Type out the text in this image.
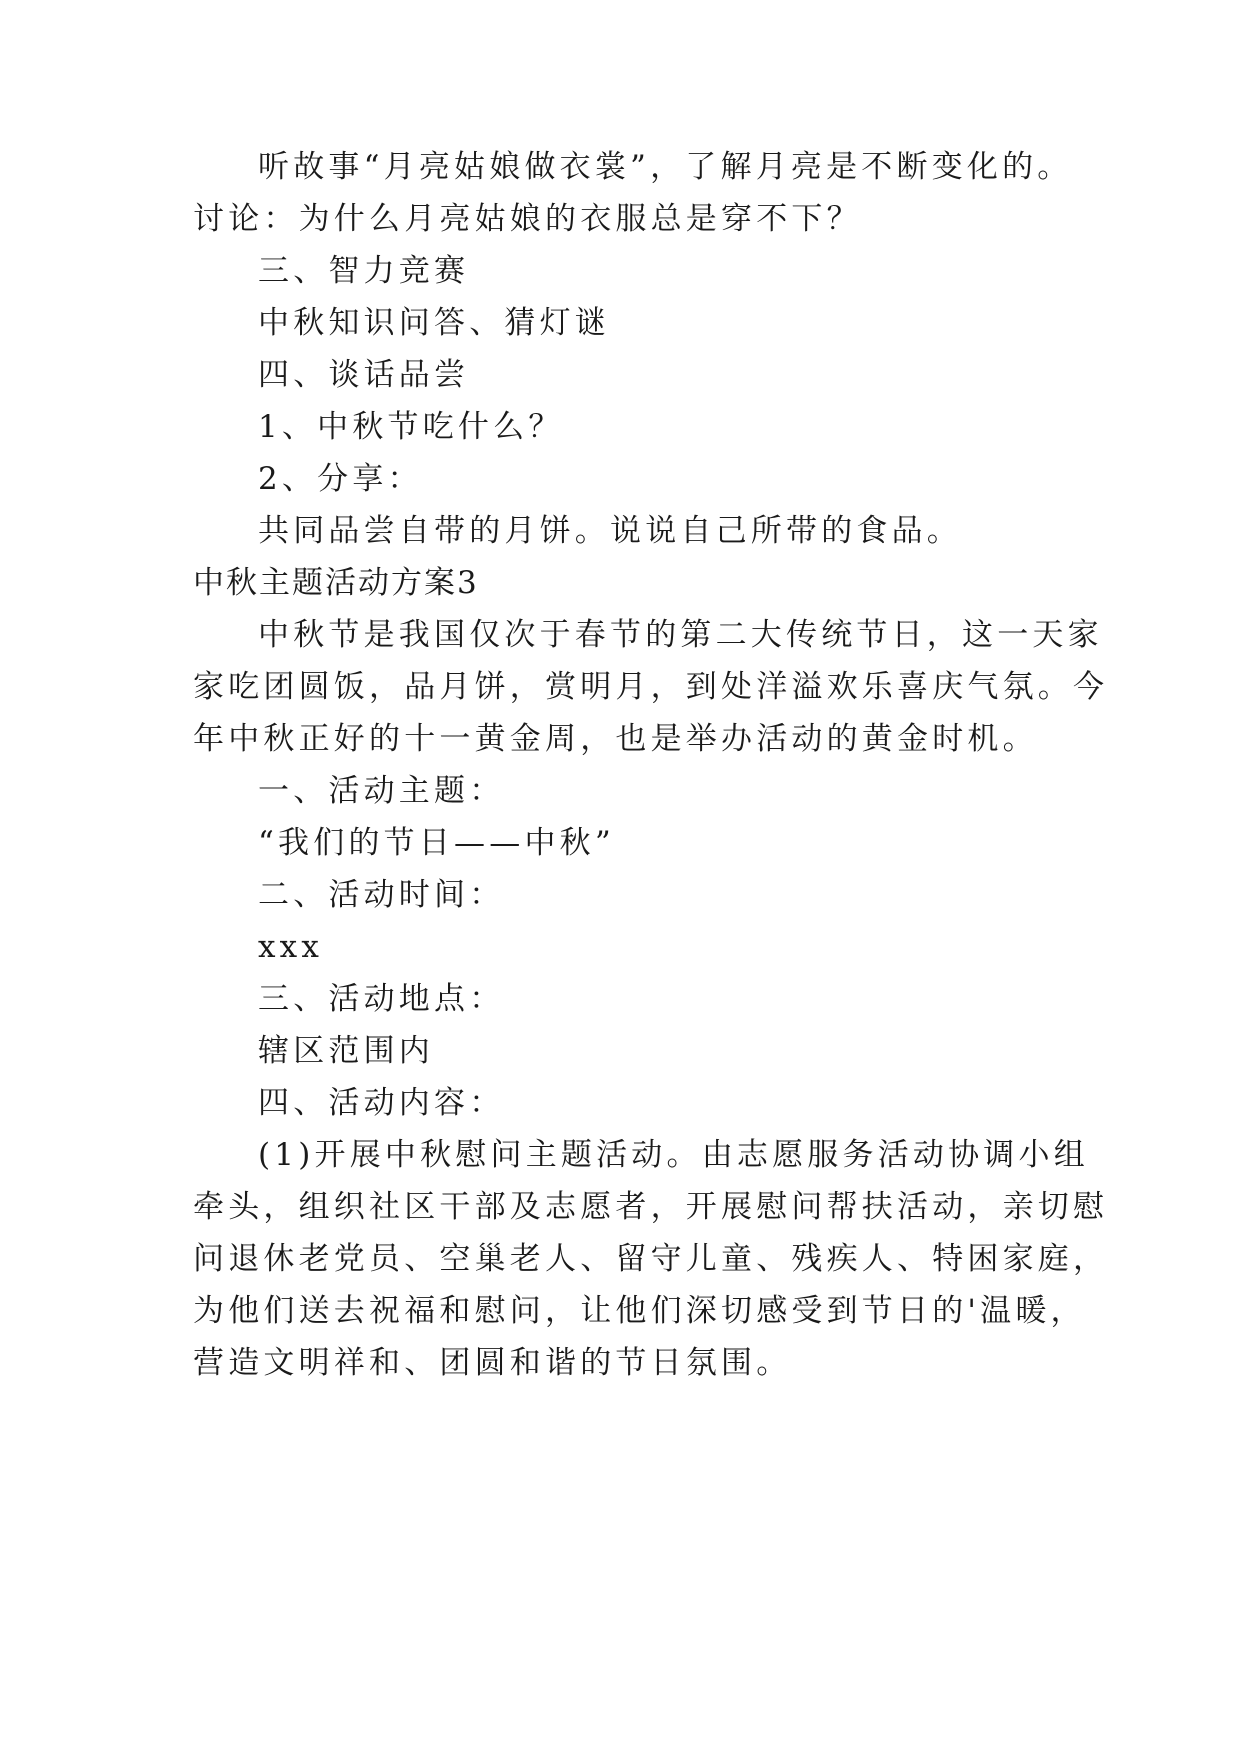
听故事“月亮姑娘做衣裳”，了解月亮是不断变化的。
讨论：为什么月亮姑娘的衣服总是穿不下？
三、智力竞赛
中秋知识问答、猜灯谜
四、谈话品尝
1、中秋节吃什么？
2、分享：
共同品尝自带的月饼。说说自己所带的食品。
中秋主题活动方案3
中秋节是我国仅次于春节的第二大传统节日，这一天家
家吃团圆饭，品月饼，赏明月，到处洋溢欢乐喜庆气氛。今
年中秋正好的十一黄金周，也是举办活动的黄金时机。
一、活动主题：
“我们的节日——中秋”
二、活动时间：
xxx
三、活动地点：
辖区范围内
四、活动内容：
(1)开展中秋慰问主题活动。由志愿服务活动协调小组
牵头，组织社区干部及志愿者，开展慰问帮扶活动，亲切慰
问退休老党员、空巢老人、留守儿童、残疾人、特困家庭，
为他们送去祝福和慰问，让他们深切感受到节日的'温暖，
营造文明祥和、团圆和谐的节日氛围。
